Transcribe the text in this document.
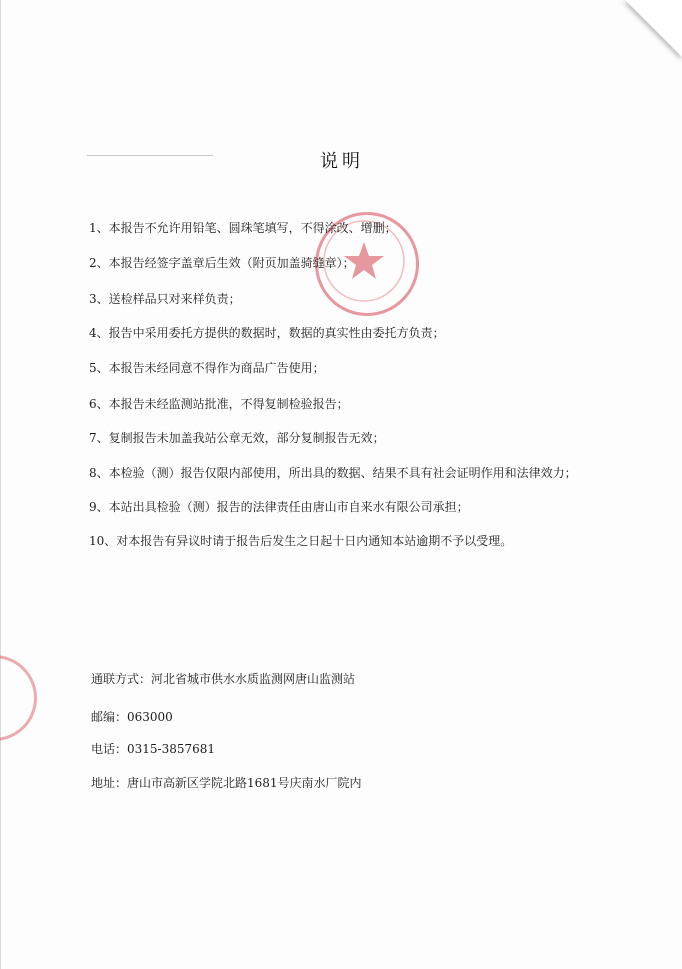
说明
1、本报告不允许用铅笔、圆珠笔填写，不得涂改、增删；
2、本报告经签字盖章后生效（附页加盖骑缝章）；
3、送检样品只对来样负责；
4、报告中采用委托方提供的数据时，数据的真实性由委托方负责；
5、本报告未经同意不得作为商品广告使用；
6、本报告未经监测站批准，不得复制检验报告；
7、复制报告未加盖我站公章无效，部分复制报告无效；
8、本检验（测）报告仅限内部使用，所出具的数据、结果不具有社会证明作用和法律效力；
9、本站出具检验（测）报告的法律责任由唐山市自来水有限公司承担；
10、对本报告有异议时请于报告后发生之日起十日内通知本站逾期不予以受理。
通联方式：河北省城市供水水质监测网唐山监测站
邮编：063000
电话：0315-3857681
地址：唐山市高新区学院北路1681号庆南水厂院内
